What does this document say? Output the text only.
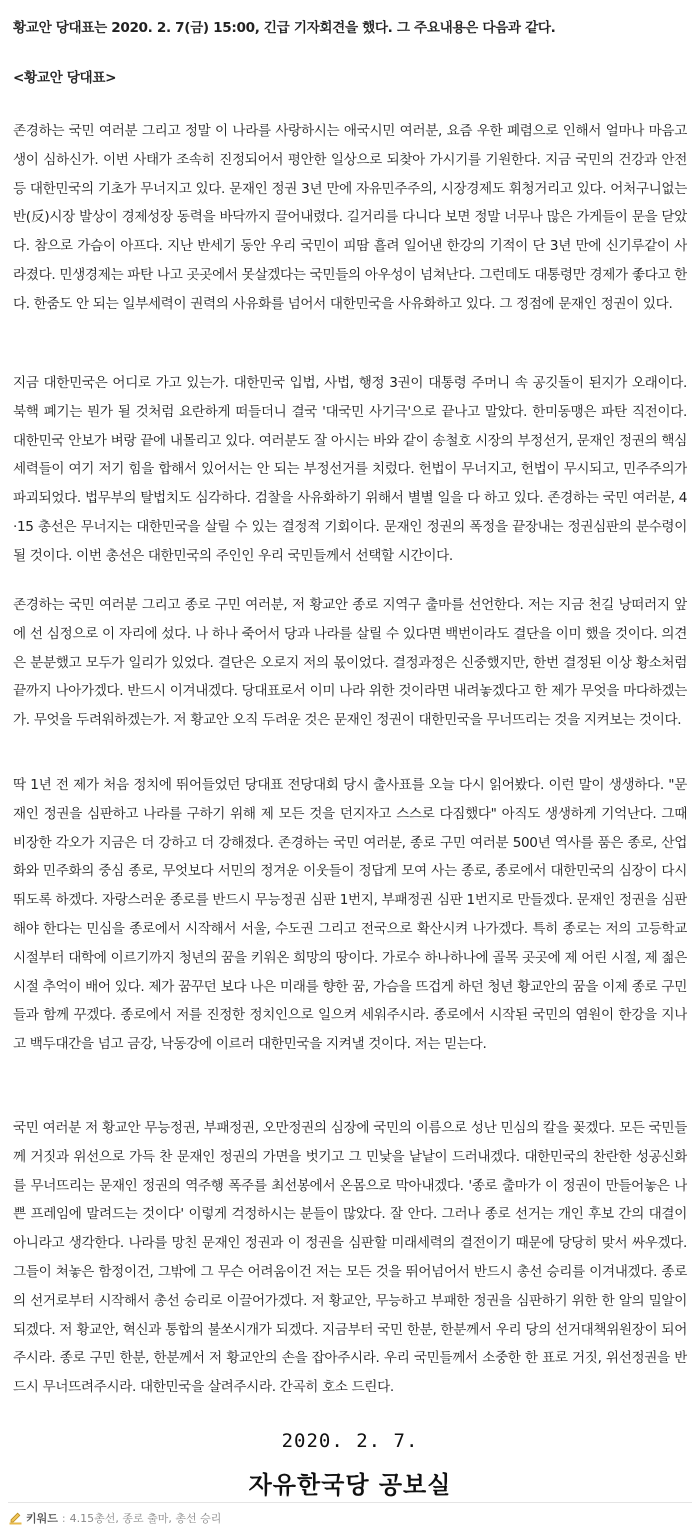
황교안 당대표는 2020. 2. 7(금) 15:00, 긴급 기자회견을 했다. 그 주요내용은 다음과 같다.
<황교안 당대표>
존경하는 국민 여러분 그리고 정말 이 나라를 사랑하시는 애국시민 여러분, 요즘 우한 폐렴으로 인해서 얼마나 마음고생이 심하신가. 이번 사태가 조속히 진정되어서 평안한 일상으로 되찾아 가시기를 기원한다. 지금 국민의 건강과 안전 등 대한민국의 기초가 무너지고 있다. 문재인 정권 3년 만에 자유민주주의, 시장경제도 휘청거리고 있다. 어처구니없는 반(反)시장 발상이 경제성장 동력을 바닥까지 끌어내렸다. 길거리를 다니다 보면 정말 너무나 많은 가게들이 문을 닫았다. 참으로 가슴이 아프다. 지난 반세기 동안 우리 국민이 피땀 흘려 일어낸 한강의 기적이 단 3년 만에 신기루같이 사라졌다. 민생경제는 파탄 나고 곳곳에서 못살겠다는 국민들의 아우성이 넘쳐난다. 그런데도 대통령만 경제가 좋다고 한다. 한줌도 안 되는 일부세력이 권력의 사유화를 넘어서 대한민국을 사유화하고 있다. 그 정점에 문재인 정권이 있다.
지금 대한민국은 어디로 가고 있는가. 대한민국 입법, 사법, 행정 3권이 대통령 주머니 속 공깃돌이 된지가 오래이다. 북핵 폐기는 뭔가 될 것처럼 요란하게 떠들더니 결국 '대국민 사기극'으로 끝나고 말았다. 한미동맹은 파탄 직전이다. 대한민국 안보가 벼랑 끝에 내몰리고 있다. 여러분도 잘 아시는 바와 같이 송철호 시장의 부정선거, 문재인 정권의 핵심세력들이 여기 저기 힘을 합해서 있어서는 안 되는 부정선거를 치렀다. 헌법이 무너지고, 헌법이 무시되고, 민주주의가 파괴되었다. 법무부의 탈법치도 심각하다. 검찰을 사유화하기 위해서 별별 일을 다 하고 있다. 존경하는 국민 여러분, 4·15 총선은 무너지는 대한민국을 살릴 수 있는 결정적 기회이다. 문재인 정권의 폭정을 끝장내는 정권심판의 분수령이 될 것이다. 이번 총선은 대한민국의 주인인 우리 국민들께서 선택할 시간이다.
존경하는 국민 여러분 그리고 종로 구민 여러분, 저 황교안 종로 지역구 출마를 선언한다. 저는 지금 천길 낭떠러지 앞에 선 심정으로 이 자리에 섰다. 나 하나 죽어서 당과 나라를 살릴 수 있다면 백번이라도 결단을 이미 했을 것이다. 의견은 분분했고 모두가 일리가 있었다. 결단은 오로지 저의 몫이었다. 결정과정은 신중했지만, 한번 결정된 이상 황소처럼 끝까지 나아가겠다. 반드시 이겨내겠다. 당대표로서 이미 나라 위한 것이라면 내려놓겠다고 한 제가 무엇을 마다하겠는가. 무엇을 두려워하겠는가. 저 황교안 오직 두려운 것은 문재인 정권이 대한민국을 무너뜨리는 것을 지켜보는 것이다.
딱 1년 전 제가 처음 정치에 뛰어들었던 당대표 전당대회 당시 출사표를 오늘 다시 읽어봤다. 이런 말이 생생하다. "문재인 정권을 심판하고 나라를 구하기 위해 제 모든 것을 던지자고 스스로 다짐했다" 아직도 생생하게 기억난다. 그때 비장한 각오가 지금은 더 강하고 더 강해졌다. 존경하는 국민 여러분, 종로 구민 여러분 500년 역사를 품은 종로, 산업화와 민주화의 중심 종로, 무엇보다 서민의 정겨운 이웃들이 정답게 모여 사는 종로, 종로에서 대한민국의 심장이 다시 뛰도록 하겠다. 자랑스러운 종로를 반드시 무능정권 심판 1번지, 부패정권 심판 1번지로 만들겠다. 문재인 정권을 심판해야 한다는 민심을 종로에서 시작해서 서울, 수도권 그리고 전국으로 확산시켜 나가겠다. 특히 종로는 저의 고등학교 시절부터 대학에 이르기까지 청년의 꿈을 키워온 희망의 땅이다. 가로수 하나하나에 골목 곳곳에 제 어린 시절, 제 젊은 시절 추억이 배어 있다. 제가 꿈꾸던 보다 나은 미래를 향한 꿈, 가슴을 뜨겁게 하던 청년 황교안의 꿈을 이제 종로 구민들과 함께 꾸겠다. 종로에서 저를 진정한 정치인으로 일으켜 세워주시라. 종로에서 시작된 국민의 염원이 한강을 지나고 백두대간을 넘고 금강, 낙동강에 이르러 대한민국을 지켜낼 것이다. 저는 믿는다.
국민 여러분 저 황교안 무능정권, 부패정권, 오만정권의 심장에 국민의 이름으로 성난 민심의 칼을 꽂겠다. 모든 국민들께 거짓과 위선으로 가득 찬 문재인 정권의 가면을 벗기고 그 민낯을 낱낱이 드러내겠다. 대한민국의 찬란한 성공신화를 무너뜨리는 문재인 정권의 역주행 폭주를 최선봉에서 온몸으로 막아내겠다. '종로 출마가 이 정권이 만들어놓은 나쁜 프레임에 말려드는 것이다' 이렇게 걱정하시는 분들이 많았다. 잘 안다. 그러나 종로 선거는 개인 후보 간의 대결이 아니라고 생각한다. 나라를 망친 문재인 정권과 이 정권을 심판할 미래세력의 결전이기 때문에 당당히 맞서 싸우겠다. 그들이 쳐놓은 함정이건, 그밖에 그 무슨 어려움이건 저는 모든 것을 뛰어넘어서 반드시 총선 승리를 이겨내겠다. 종로의 선거로부터 시작해서 총선 승리로 이끌어가겠다. 저 황교안, 무능하고 부패한 정권을 심판하기 위한 한 알의 밀알이 되겠다. 저 황교안, 혁신과 통합의 불쏘시개가 되겠다. 지금부터 국민 한분, 한분께서 우리 당의 선거대책위원장이 되어주시라. 종로 구민 한분, 한분께서 저 황교안의 손을 잡아주시라. 우리 국민들께서 소중한 한 표로 거짓, 위선정권을 반드시 무너뜨려주시라. 대한민국을 살려주시라. 간곡히 호소 드린다.
2020. 2. 7.
자유한국당 공보실
키워드 : 4.15총선, 종로 출마, 총선 승리
